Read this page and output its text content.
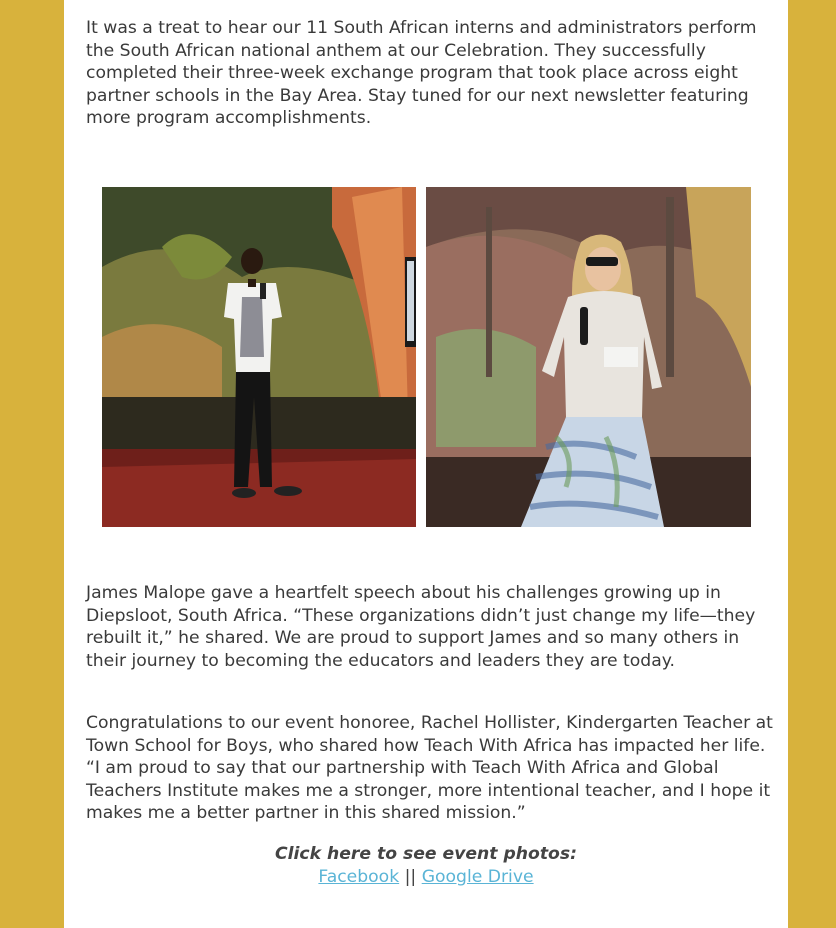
It was a treat to hear our 11 South African interns and administrators perform the South African national anthem at our Celebration. They successfully completed their three-week exchange program that took place across eight partner schools in the Bay Area. Stay tuned for our next newsletter featuring more program accomplishments.

James Malope gave a heartfelt speech about his challenges growing up in Diepsloot, South Africa. “These organizations didn’t just change my life—they rebuilt it,” he shared. We are proud to support James and so many others in their journey to becoming the educators and leaders they are today.

Congratulations to our event honoree, Rachel Hollister, Kindergarten Teacher at Town School for Boys, who shared how Teach With Africa has impacted her life. “I am proud to say that our partnership with Teach With Africa and Global Teachers Institute makes me a stronger, more intentional teacher, and I hope it makes me a better partner in this shared mission.”

Click here to see event photos:
Facebook || Google Drive
